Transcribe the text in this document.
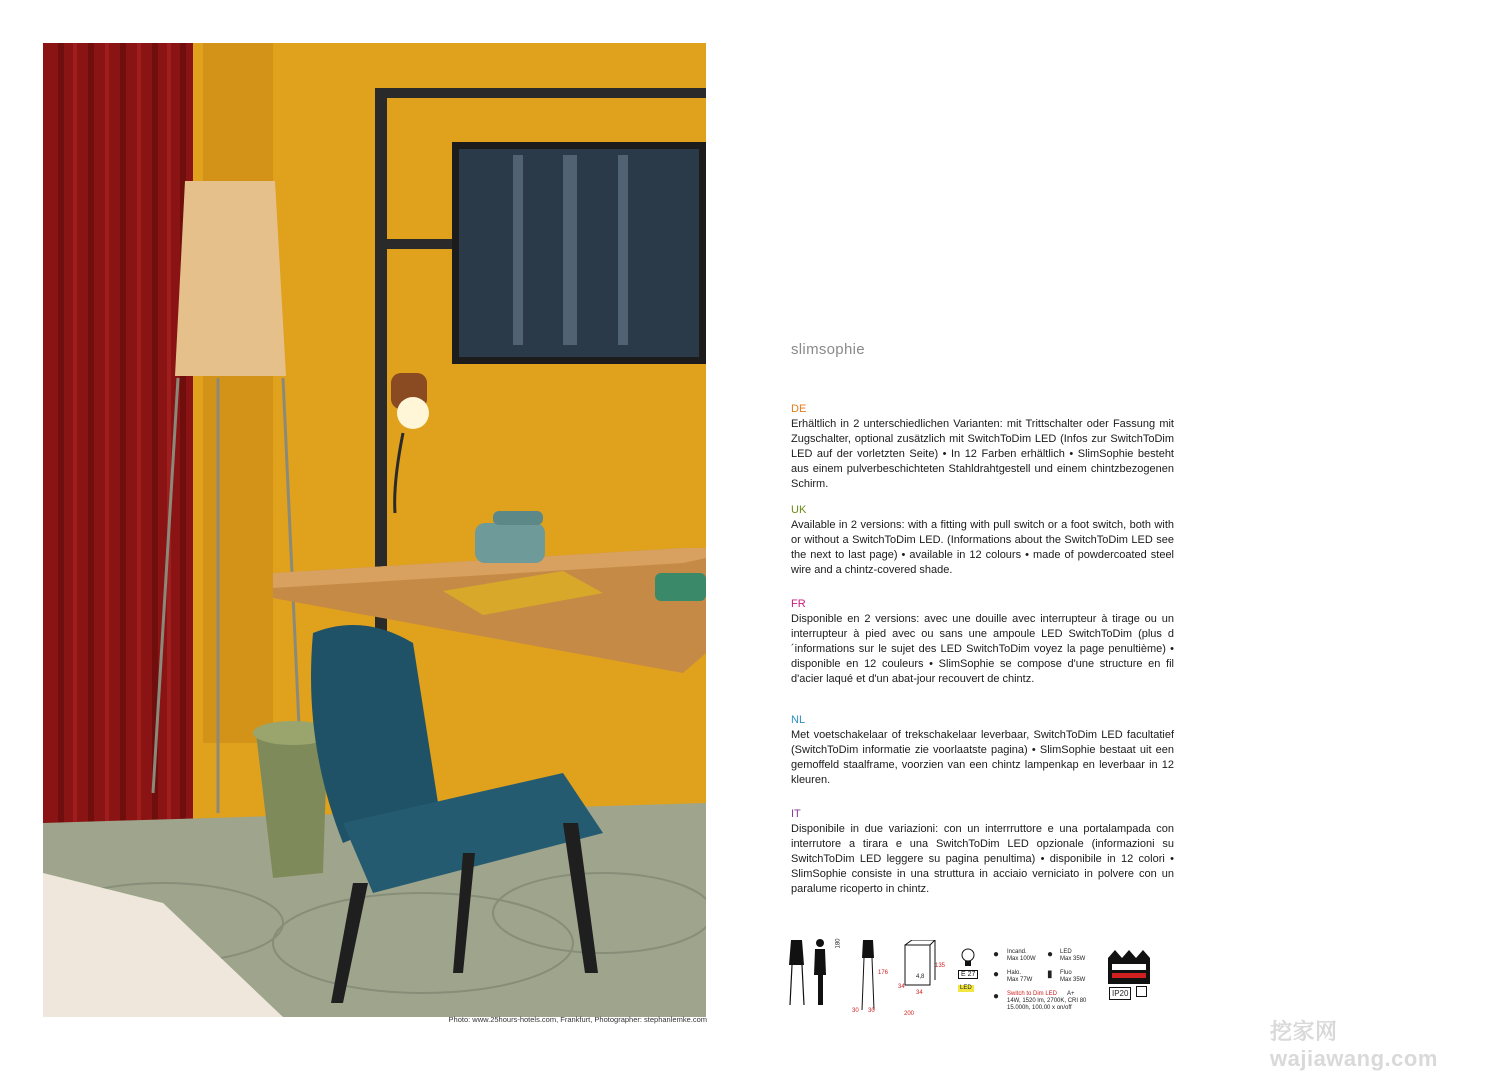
Photo: www.25hours-hotels.com, Frankfurt, Photographer: stephanlemke.com
slimsophie
DE

Erhältlich in 2 unterschiedlichen Varianten: mit Trittschalter oder Fassung mit Zugschalter, optional zusätzlich mit SwitchToDim LED (Infos zur SwitchToDim LED auf der vorletzten Seite) • In 12 Farben erhältlich • SlimSophie besteht aus einem pulverbeschichteten Stahldrahtgestell und einem chintzbezogenen Schirm.

UK

Available in 2 versions: with a fitting with pull switch or a foot switch, both with or without a SwitchToDim LED. (Informations about the SwitchToDim LED see the next to last page) • available in 12 colours • made of powdercoated steel wire and a chintz-covered shade.

FR

Disponible en 2 versions: avec une douille avec interrupteur à tirage ou un interrupteur à pied avec ou sans une ampoule LED SwitchToDim (plus d´informations sur le sujet des LED SwitchToDim voyez la page penultième) • disponible en 12 couleurs • SlimSophie se compose d'une structure en fil d'acier laqué et d'un abat-jour recouvert de chintz.

NL

Met voetschakelaar of trekschakelaar leverbaar, SwitchToDim LED facultatief (SwitchToDim informatie zie voorlaatste pagina) • SlimSophie bestaat uit een gemoffeld staalframe, voorzien van een chintz lampenkap en leverbaar in 12 kleuren.

IT

Disponibile in due variazioni: con un interrruttore e una portalampada con interrutore a tirara e una SwitchToDim LED opzionale (informazioni su SwitchToDim LED leggere su pagina penultima) • disponibile in 12 colori • SlimSophie consiste in una struttura in acciaio verniciato in polvere con un paralume ricoperto in chintz.

180
176
30 30
4,8
135
34
34
200
E 27
LED
● Incand.
Max 100W
● Halo.
Max 77W
● LED
Max 35W
▮ Fluo
Max 35W
● Switch to Dim LED A+
14W, 1520 lm, 2700K, CRI 80
15.000h, 100.00 x on/off
IP20
挖家网 wajiawang.com
